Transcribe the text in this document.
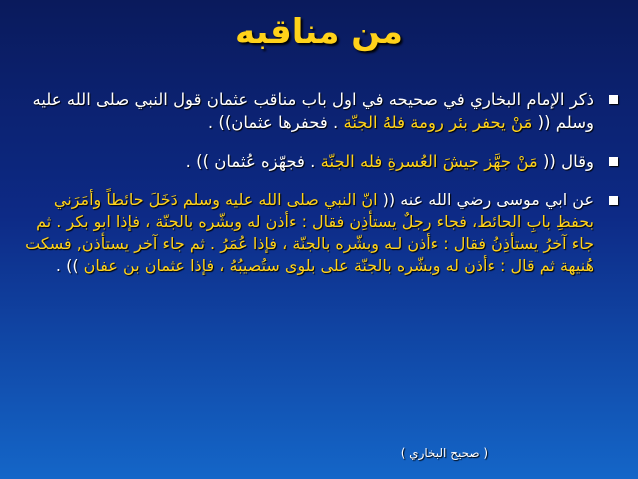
من مناقبه

ذكر الإمام البخاري في صحيحه في اول باب مناقب عثمان قول النبي صلى الله عليه وسلم (( مَنْ يحفر بئر رومة فلهُ الجنّة . فحفرها عثمان)) .

وقال (( مَنْ جهَّز جيشَ العُسرةِ فله الجنّة . فجهّزه عُثمان )) .

عن ابي موسى رضي الله عنه (( انّ النبي صلى الله عليه وسلم دَخَلَ حائطاً وأمَرَني بحفظِ بابِ الحائط، فجاء رجلٌ يستأذِن فقال : ءأذن له وبشّره بالجنّة ، فإذا ابو بكر . ثم جاء آخرُ يستأذِنُ فقال : ءأذن لـه وبشّره بالجنّة ، فإذا عُمَرُ . ثم جاء آخر يستأذن, فسكت هُنيهة ثم قال : ءأذن له وبشّره بالجنّة على بلوى ستُصيبُهُ ، فإذا عثمان بن عفان )) .

( صحيح البخاري )
